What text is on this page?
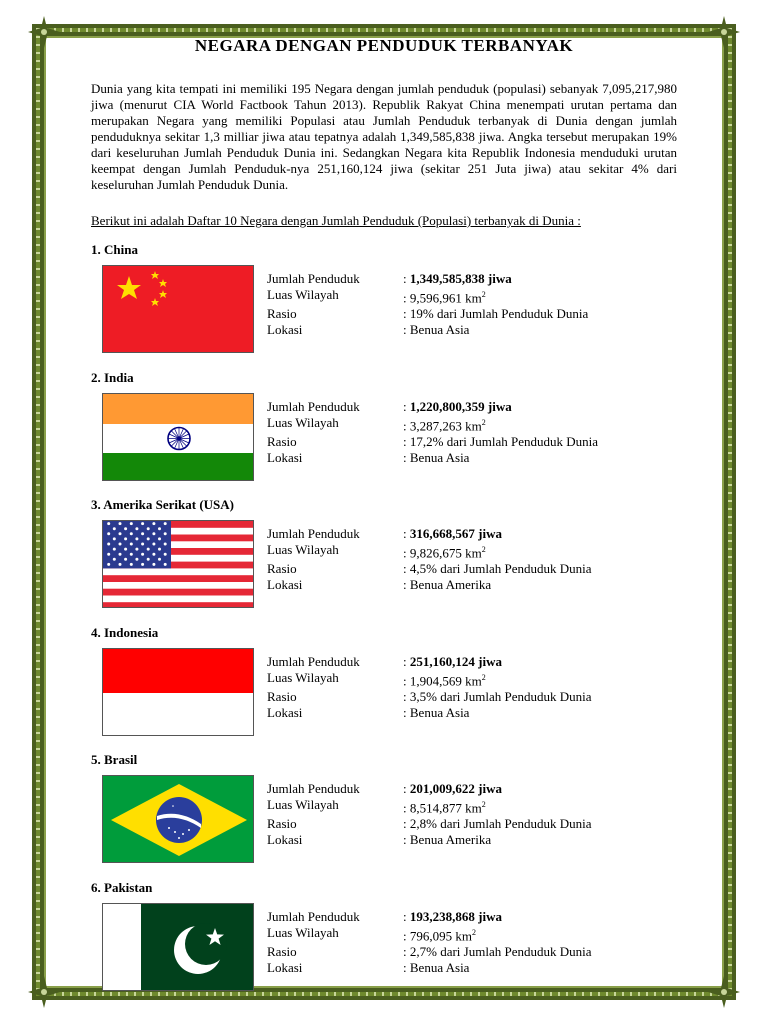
NEGARA DENGAN PENDUDUK TERBANYAK
Dunia yang kita tempati ini memiliki 195 Negara dengan jumlah penduduk (populasi) sebanyak 7,095,217,980 jiwa (menurut CIA World Factbook Tahun 2013). Republik Rakyat China menempati urutan pertama dan merupakan Negara yang memiliki Populasi atau Jumlah Penduduk terbanyak di Dunia dengan jumlah penduduknya sekitar 1,3 milliar jiwa atau tepatnya adalah 1,349,585,838 jiwa. Angka tersebut merupakan 19% dari keseluruhan Jumlah Penduduk Dunia ini. Sedangkan Negara kita Republik Indonesia menduduki urutan keempat dengan Jumlah Penduduk-nya 251,160,124 jiwa (sekitar 251 Juta jiwa) atau sekitar 4% dari keseluruhan Jumlah Penduduk Dunia.
Berikut ini adalah Daftar 10 Negara dengan Jumlah Penduduk (Populasi) terbanyak di Dunia :
1. China
Jumlah Penduduk	: 1,349,585,838 jiwa
Luas Wilayah	: 9,596,961 $km^2$
Rasio	: 19% dari Jumlah Penduduk Dunia
Lokasi	: Benua Asia
2. India
Jumlah Penduduk	: 1,220,800,359 jiwa
Luas Wilayah	: 3,287,263 $km^2$
Rasio	: 17,2% dari Jumlah Penduduk Dunia
Lokasi	: Benua Asia
3. Amerika Serikat (USA)
Jumlah Penduduk	: 316,668,567 jiwa
Luas Wilayah	: 9,826,675 $km^2$
Rasio	: 4,5% dari Jumlah Penduduk Dunia
Lokasi	: Benua Amerika
4. Indonesia
Jumlah Penduduk	: 251,160,124 jiwa
Luas Wilayah	: 1,904,569 $km^2$
Rasio	: 3,5% dari Jumlah Penduduk Dunia
Lokasi	: Benua Asia
5. Brasil
Jumlah Penduduk	: 201,009,622 jiwa
Luas Wilayah	: 8,514,877 $km^2$
Rasio	: 2,8% dari Jumlah Penduduk Dunia
Lokasi	: Benua Amerika
6. Pakistan
Jumlah Penduduk	: 193,238,868 jiwa
Luas Wilayah	: 796,095 $km^2$
Rasio	: 2,7% dari Jumlah Penduduk Dunia
Lokasi	: Benua Asia
